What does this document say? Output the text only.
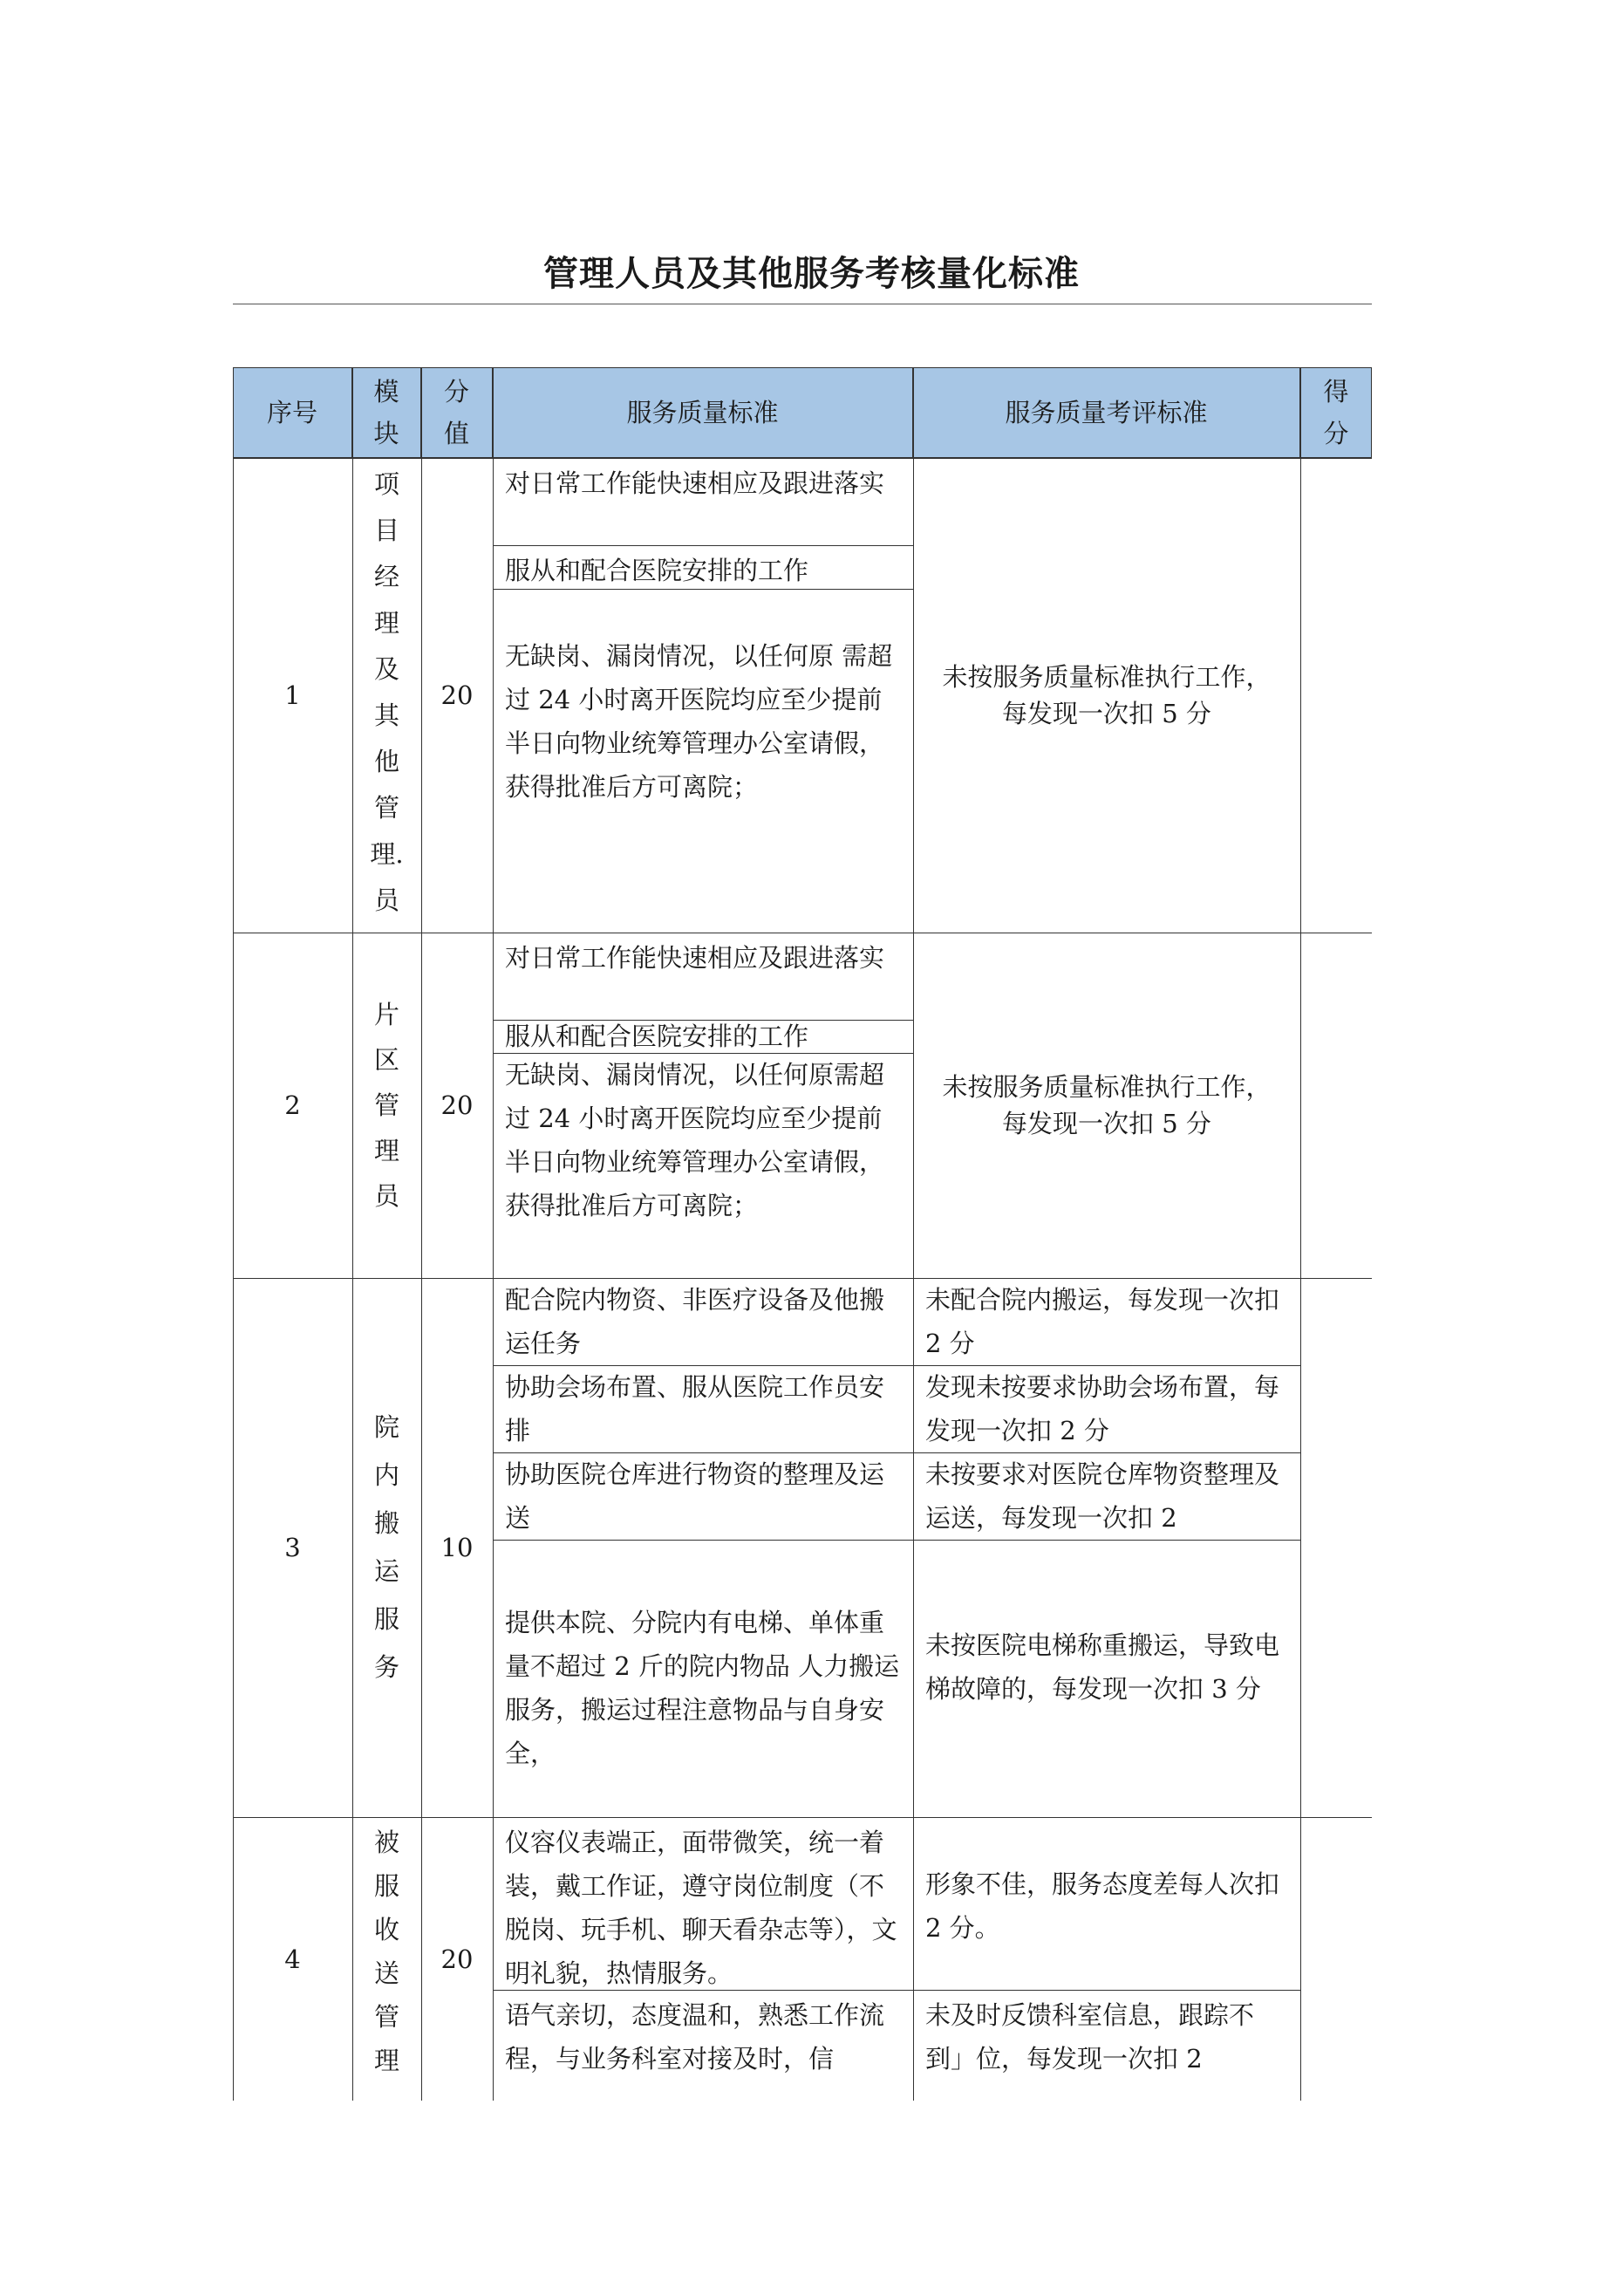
管理人员及其他服务考核量化标准
序号
模块
分值
服务质量标准	服务质量考评标准
得分
1
项目经理及其他管理.员
20
对日常工作能快速相应及跟进落实
服从和配合医院安排的工作
无缺岗、漏岗情况，以任何原 需超过 24 小时离开医院均应至少提前半日向物业统筹管理办公室请假，获得批准后方可离院；
未按服务质量标准执行工作，每发现一次扣 5 分
2
片区管理员
20
对日常工作能快速相应及跟进落实
服从和配合医院安排的工作
无缺岗、漏岗情况，以任何原需超过 24 小时离开医院均应至少提前半日向物业统筹管理办公室请假，获得批准后方可离院；
未按服务质量标准执行工作，每发现一次扣 5 分
3
院内搬运服务
10
配合院内物资、非医疗设备及他搬运任务
协助会场布置、服从医院工作员安排
协助医院仓库进行物资的整理及运送
提供本院、分院内有电梯、单体重量不超过 2 斤的院内物品 人力搬运服务，搬运过程注意物品与自身安全，
未配合院内搬运，每发现一次扣 2 分
发现未按要求协助会场布置，每发现一次扣 2 分
未按要求对医院仓库物资整理及运送，每发现一次扣 2
未按医院电梯称重搬运，导致电梯故障的，每发现一次扣 3 分
4
被服收送管理
20
仪容仪表端正，面带微笑，统一着装，戴工作证，遵守岗位制度（不脱岗、玩手机、聊天看杂志等），文明礼貌，热情服务。
语气亲切，态度温和，熟悉工作流程，与业务科室对接及时，信
形象不佳，服务态度差每人次扣 2 分。
未及时反馈科室信息，跟踪不到」位，每发现一次扣 2
